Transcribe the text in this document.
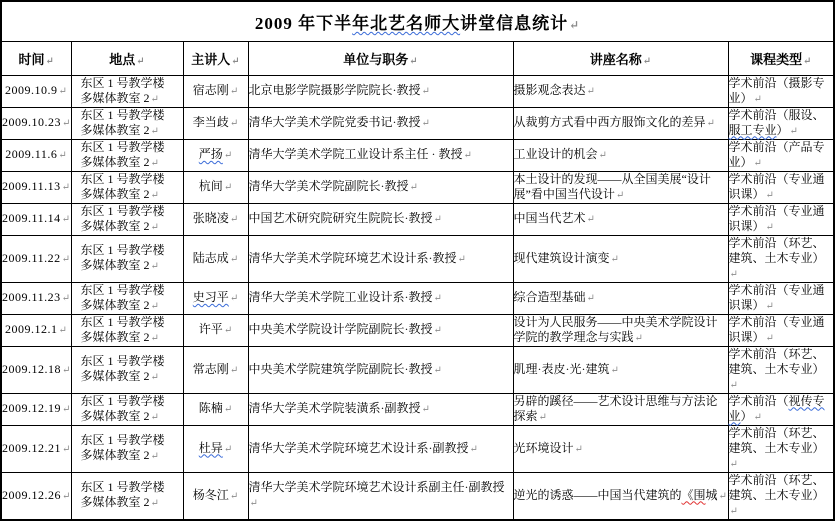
2009 年下半年北艺名师大讲堂信息统计↵					
时间↵	地点↵	主讲人↵	单位与职务↵	讲座名称↵	课程类型↵
2009.10.9↵	东区 1 号教学楼多媒体教室 2↵	宿志刚↵	北京电影学院摄影学院院长·教授↵	摄影观念表达↵	学术前沿（摄影专业）↵
2009.10.23↵	东区 1 号教学楼多媒体教室 2↵	李当歧↵	清华大学美术学院党委书记·教授↵	从裁剪方式看中西方服饰文化的差异↵	学术前沿（服设、服工专业）↵
2009.11.6↵	东区 1 号教学楼多媒体教室 2↵	严扬↵	清华大学美术学院工业设计系主任 · 教授↵	工业设计的机会↵	学术前沿（产品专业）↵
2009.11.13↵	东区 1 号教学楼多媒体教室 2↵	杭间↵	清华大学美术学院副院长·教授↵	本土设计的发现——从全国美展“设计展”看中国当代设计↵	学术前沿（专业通识课）↵
2009.11.14↵	东区 1 号教学楼多媒体教室 2↵	张晓凌↵	中国艺术研究院研究生院院长·教授↵	中国当代艺术↵	学术前沿（专业通识课）↵
2009.11.22↵	东区 1 号教学楼多媒体教室 2↵	陆志成↵	清华大学美术学院环境艺术设计系·教授↵	现代建筑设计演变↵	学术前沿（环艺、建筑、土木专业）↵
2009.11.23↵	东区 1 号教学楼多媒体教室 2↵	史习平↵	清华大学美术学院工业设计系·教授↵	综合造型基础↵	学术前沿（专业通识课）↵
2009.12.1↵	东区 1 号教学楼多媒体教室 2↵	许平↵	中央美术学院设计学院副院长·教授↵	设计为人民服务——中央美术学院设计学院的教学理念与实践↵	学术前沿（专业通识课）↵
2009.12.18↵	东区 1 号教学楼多媒体教室 2↵	常志刚↵	中央美术学院建筑学院副院长·教授↵	肌理·表皮·光·建筑↵	学术前沿（环艺、建筑、土木专业）↵
2009.12.19↵	东区 1 号教学楼多媒体教室 2↵	陈楠↵	清华大学美术学院装潢系·副教授↵	另辟的蹊径——艺术设计思维与方法论探索↵	学术前沿（视传专业）↵
2009.12.21↵	东区 1 号教学楼多媒体教室 2↵	杜异↵	清华大学美术学院环境艺术设计系·副教授↵	光环境设计↵	学术前沿（环艺、建筑、土木专业）↵
2009.12.26↵	东区 1 号教学楼多媒体教室 2↵	杨冬江↵	清华大学美术学院环境艺术设计系副主任·副教授↵	逆光的诱惑——中国当代建筑的《围城↵	学术前沿（环艺、建筑、土木专业）↵
